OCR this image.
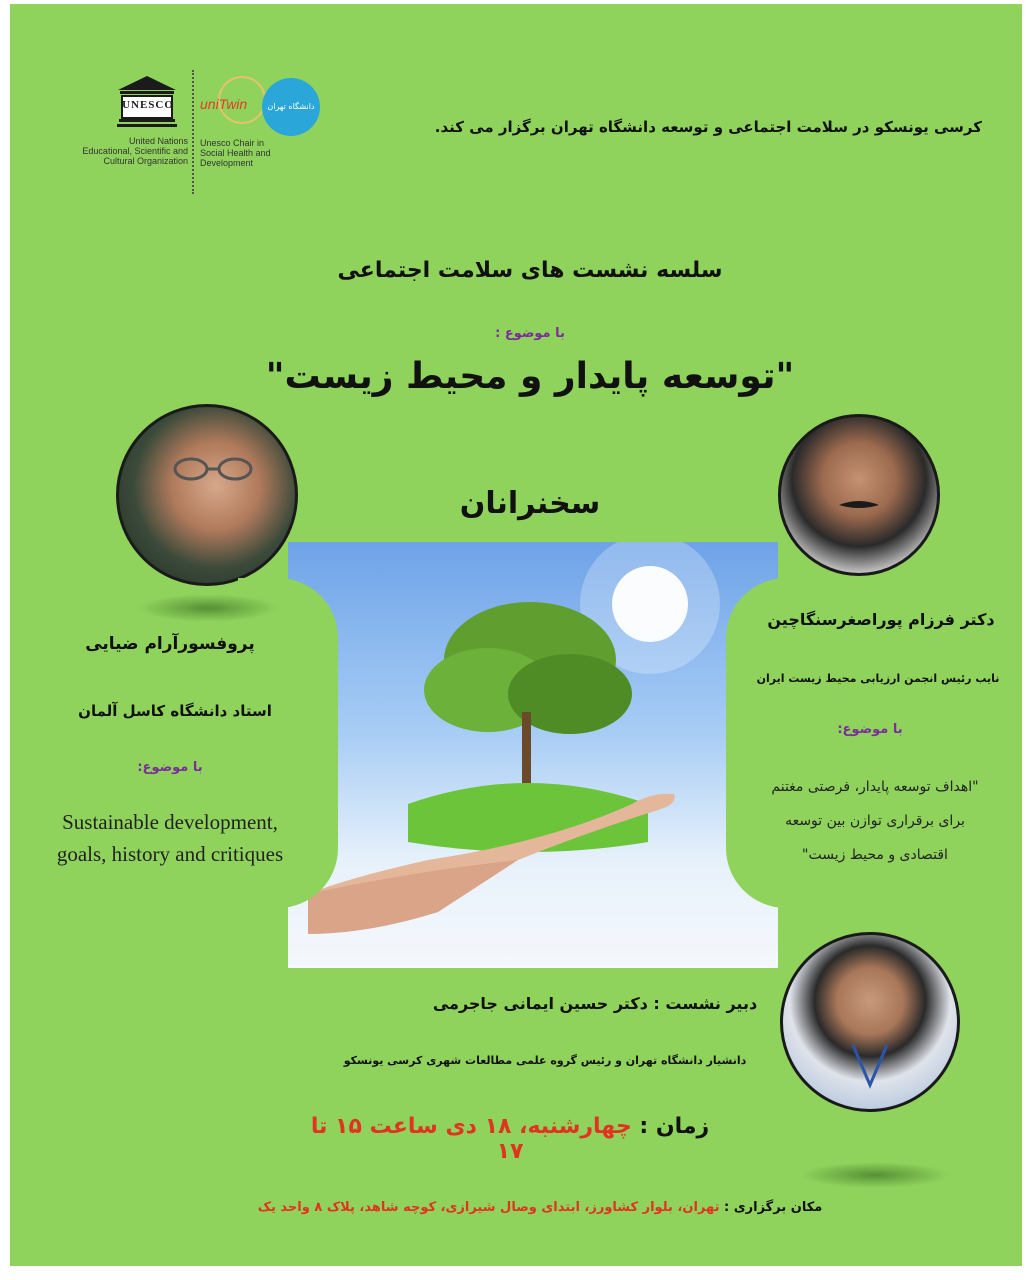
UNESCO
United Nations
Educational, Scientific and
Cultural Organization
uniTwin
Unesco Chair in
Social Health and
Development
دانشگاه تهران
کرسی یونسکو در سلامت اجتماعی و توسعه دانشگاه تهران برگزار می کند.
سلسه نشست های سلامت اجتماعی
با موضوع :
"توسعه پایدار و محیط زیست"
سخنرانان
دکتر فرزام پوراصغرسنگاچین
نایب رئیس انجمن ارزیابی محیط زیست ایران
با موضوع:
"اهداف توسعه پایدار، فرصتی مغتنم
برای برقراری توازن بین توسعه
اقتصادی و محیط زیست"
پروفسورآرام ضیایی
استاد دانشگاه کاسل آلمان
با موضوع:
Sustainable development,
goals, history and critiques
دبیر نشست : دکتر حسین ایمانی جاجرمی
دانشیار دانشگاه تهران و رئیس گروه علمی مطالعات شهری کرسی یونسکو
زمان : چهارشنبه، ۱۸ دی ساعت ۱۵ تا ۱۷
مکان برگزاری : تهران، بلوار کشاورز، ابتدای وصال شیرازی، کوچه شاهد، پلاک ۸ واحد یک
